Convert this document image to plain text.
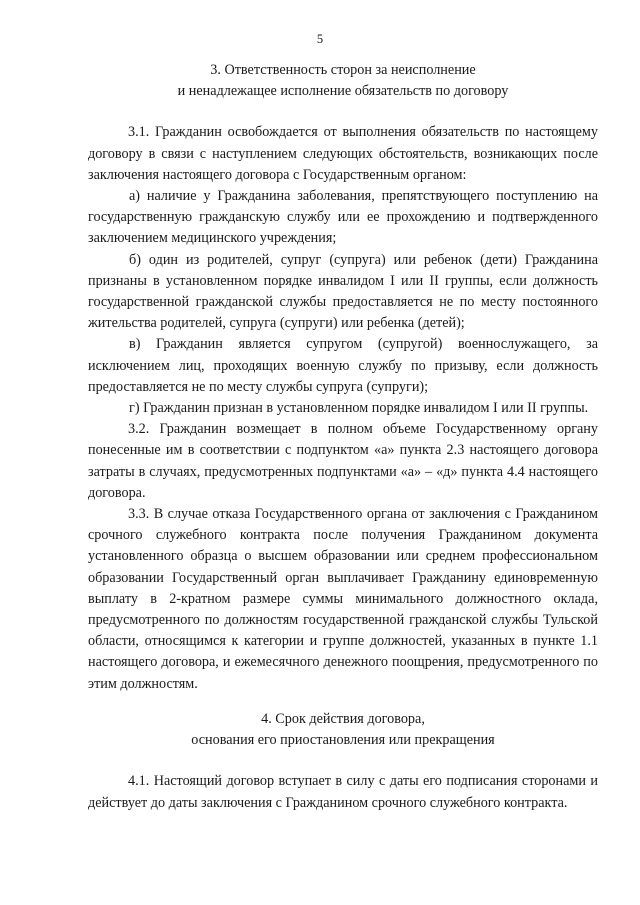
5
3. Ответственность сторон за неисполнение
и ненадлежащее исполнение обязательств по договору

3.1. Гражданин освобождается от выполнения обязательств по настоящему договору в связи с наступлением следующих обстоятельств, возникающих после заключения настоящего договора с Государственным органом:

а) наличие у Гражданина заболевания, препятствующего поступлению на государственную гражданскую службу или ее прохождению и подтвержденного заключением медицинского учреждения;

б) один из родителей, супруг (супруга) или ребенок (дети) Гражданина признаны в установленном порядке инвалидом I или II группы, если должность государственной гражданской службы предоставляется не по месту постоянного жительства родителей, супруга (супруги) или ребенка (детей);

в) Гражданин является супругом (супругой) военнослужащего, за исключением лиц, проходящих военную службу по призыву, если должность предоставляется не по месту службы супруга (супруги);

г) Гражданин признан в установленном порядке инвалидом I или II группы.

3.2. Гражданин возмещает в полном объеме Государственному органу понесенные им в соответствии с подпунктом «а» пункта 2.3 настоящего договора затраты в случаях, предусмотренных подпунктами «а» – «д» пункта 4.4 настоящего договора.

3.3. В случае отказа Государственного органа от заключения с Гражданином срочного служебного контракта после получения Гражданином документа установленного образца о высшем образовании или среднем профессиональном образовании Государственный орган выплачивает Гражданину единовременную выплату в 2-кратном размере суммы минимального должностного оклада, предусмотренного по должностям государственной гражданской службы Тульской области, относящимся к категории и группе должностей, указанных в пункте 1.1 настоящего договора, и ежемесячного денежного поощрения, предусмотренного по этим должностям.

4. Срок действия договора,
основания его приостановления или прекращения

4.1. Настоящий договор вступает в силу с даты его подписания сторонами и действует до даты заключения с Гражданином срочного служебного контракта.
